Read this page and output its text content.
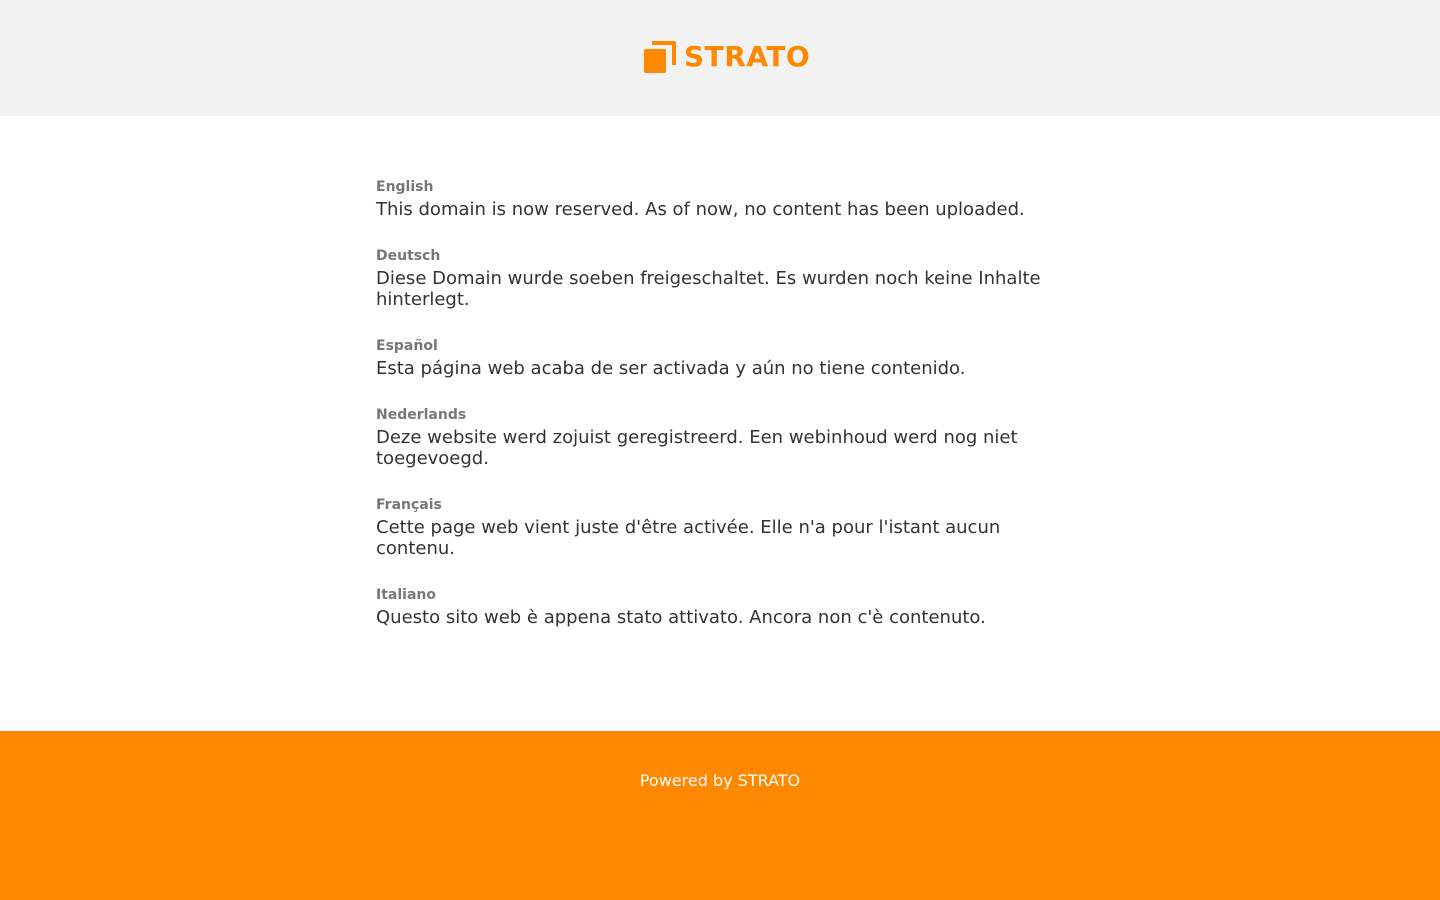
STRATO
English
This domain is now reserved. As of now, no content has been uploaded.
Deutsch
Diese Domain wurde soeben freigeschaltet. Es wurden noch keine Inhalte hinterlegt.
Español
Esta página web acaba de ser activada y aún no tiene contenido.
Nederlands
Deze website werd zojuist geregistreerd. Een webinhoud werd nog niet toegevoegd.
Français
Cette page web vient juste d'être activée. Elle n'a pour l'istant aucun contenu.
Italiano
Questo sito web è appena stato attivato. Ancora non c'è contenuto.
Powered by STRATO
